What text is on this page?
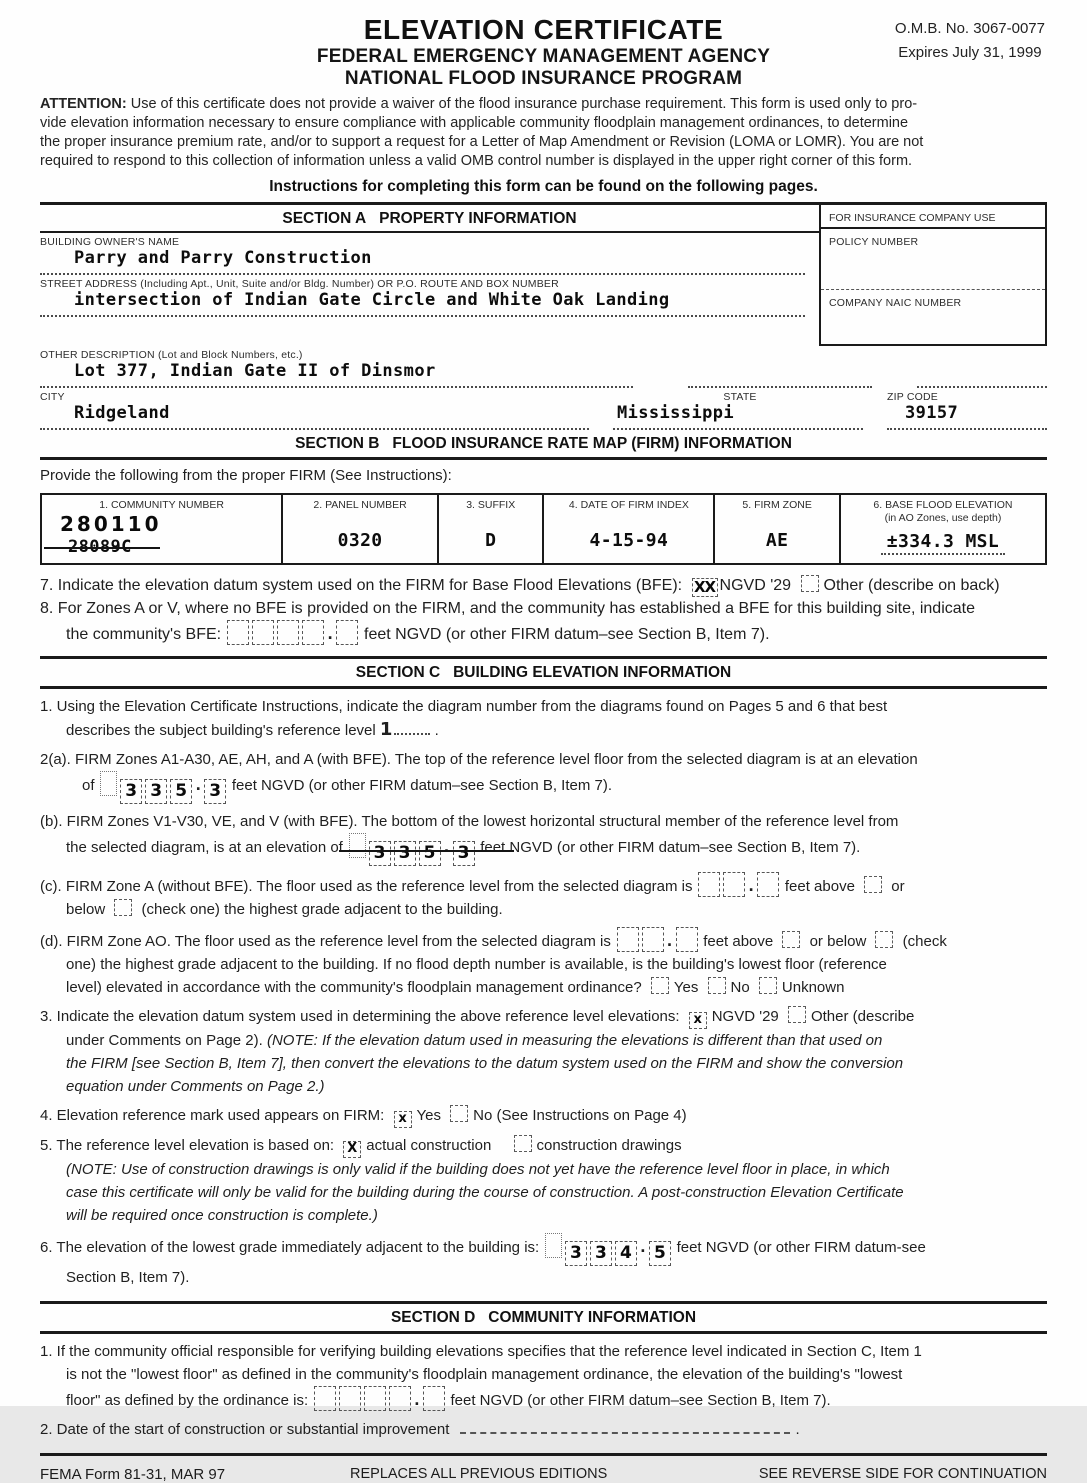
O.M.B. No. 3067-0077
Expires July 31, 1999
ELEVATION CERTIFICATE
FEDERAL EMERGENCY MANAGEMENT AGENCY
NATIONAL FLOOD INSURANCE PROGRAM
ATTENTION: Use of this certificate does not provide a waiver of the flood insurance purchase requirement. This form is used only to pro-
vide elevation information necessary to ensure compliance with applicable community floodplain management ordinances, to determine
the proper insurance premium rate, and/or to support a request for a Letter of Map Amendment or Revision (LOMA or LOMR). You are not
required to respond to this collection of information unless a valid OMB control number is displayed in the upper right corner of this form.
Instructions for completing this form can be found on the following pages.
SECTION A   PROPERTY INFORMATION
BUILDING OWNER'S NAME
Parry and Parry Construction
STREET ADDRESS (Including Apt., Unit, Suite and/or Bldg. Number) OR P.O. ROUTE AND BOX NUMBER
intersection of Indian Gate Circle and White Oak Landing
FOR INSURANCE COMPANY USE
POLICY NUMBER
COMPANY NAIC NUMBER
OTHER DESCRIPTION (Lot and Block Numbers, etc.)
Lot 377, Indian Gate II of Dinsmor
CITY	STATE	ZIP CODE
Ridgeland	Mississippi	39157
SECTION B   FLOOD INSURANCE RATE MAP (FIRM) INFORMATION
Provide the following from the proper FIRM (See Instructions):
1. COMMUNITY NUMBER
280110
28089C	
2. PANEL NUMBER
0320

3. SUFFIX
D

4. DATE OF FIRM INDEX
4-15-94

5. FIRM ZONE
AE

6. BASE FLOOD ELEVATION
(in AO Zones, use depth)
±334.3 MSL
7. Indicate the elevation datum system used on the FIRM for Base Flood Elevations (BFE): XX NGVD '29 Other (describe on back)
8. For Zones A or V, where no BFE is provided on the FIRM, and the community has established a BFE for this building site, indicate
the community's BFE:	. feet NGVD (or other FIRM datum–see Section B, Item 7).
SECTION C   BUILDING ELEVATION INFORMATION
1. Using the Elevation Certificate Instructions, indicate the diagram number from the diagrams found on Pages 5 and 6 that best
describes the subject building's reference level 1	.
2(a). FIRM Zones A1-A30, AE, AH, and A (with BFE). The top of the reference level floor from the selected diagram is at an elevation
of 3 3 5 . 3 feet NGVD (or other FIRM datum–see Section B, Item 7).
(b). FIRM Zones V1-V30, VE, and V (with BFE). The bottom of the lowest horizontal structural member of the reference level from
the selected diagram, is at an elevation of 3 3 5 . 3 feet NGVD (or other FIRM datum–see Section B, Item 7).
(c). FIRM Zone A (without BFE). The floor used as the reference level from the selected diagram is	. feet above or
below (check one) the highest grade adjacent to the building.
(d). FIRM Zone AO. The floor used as the reference level from the selected diagram is	. feet above or below (check
one) the highest grade adjacent to the building. If no flood depth number is available, is the building's lowest floor (reference
level) elevated in accordance with the community's floodplain management ordinance? Yes No Unknown
3. Indicate the elevation datum system used in determining the above reference level elevations: x NGVD '29 Other (describe
under Comments on Page 2). (NOTE: If the elevation datum used in measuring the elevations is different than that used on
the FIRM [see Section B, Item 7], then convert the elevations to the datum system used on the FIRM and show the conversion
equation under Comments on Page 2.)
4. Elevation reference mark used appears on FIRM: x Yes No (See Instructions on Page 4)
5. The reference level elevation is based on: X actual construction	construction drawings
(NOTE: Use of construction drawings is only valid if the building does not yet have the reference level floor in place, in which
case this certificate will only be valid for the building during the course of construction. A post-construction Elevation Certificate
will be required once construction is complete.)
6. The elevation of the lowest grade immediately adjacent to the building is: 3 3 4 . 5 feet NGVD (or other FIRM datum-see
Section B, Item 7).
SECTION D   COMMUNITY INFORMATION
1. If the community official responsible for verifying building elevations specifies that the reference level indicated in Section C, Item 1
is not the "lowest floor" as defined in the community's floodplain management ordinance, the elevation of the building's "lowest
floor" as defined by the ordinance is:	. feet NGVD (or other FIRM datum–see Section B, Item 7).
2. Date of the start of construction or substantial improvement	.
FEMA Form 81-31, MAR 97	REPLACES ALL PREVIOUS EDITIONS	SEE REVERSE SIDE FOR CONTINUATION
